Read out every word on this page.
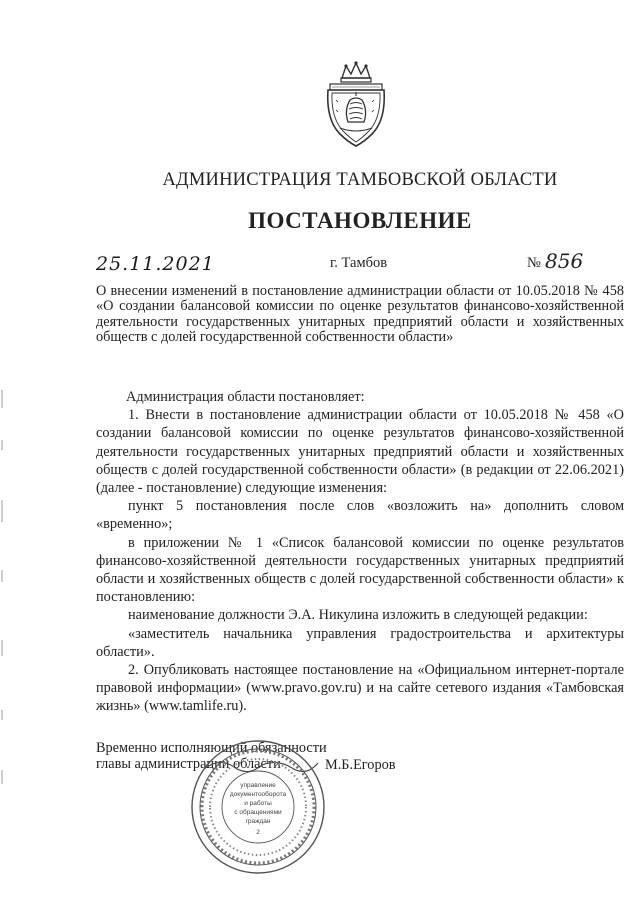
АДМИНИСТРАЦИЯ ТАМБОВСКОЙ ОБЛАСТИ
ПОСТАНОВЛЕНИЕ
25.11.2021	г. Тамбов	№ 856
О внесении изменений в постановление администрации области от 10.05.2018 № 458 «О создании балансовой комиссии по оценке результатов финансово-хозяйственной деятельности государственных унитарных предприятий области и хозяйственных обществ с долей государственной собственности области»

Администрация области постановляет:

1. Внести в постановление администрации области от 10.05.2018 № 458 «О создании балансовой комиссии по оценке результатов финансово-хозяйственной деятельности государственных унитарных предприятий области и хозяйственных обществ с долей государственной собственности области» (в редакции от 22.06.2021) (далее - постановление) следующие изменения:

пункт 5 постановления после слов «возложить на» дополнить словом «временно»;

в приложении № 1 «Список балансовой комиссии по оценке результатов финансово-хозяйственной деятельности государственных унитарных предприятий области и хозяйственных обществ с долей государственной собственности области» к постановлению:

наименование должности Э.А. Никулина изложить в следующей редакции:

«заместитель начальника управления градостроительства и архитектуры области».

2. Опубликовать настоящее постановление на «Официальном интернет-портале правовой информации» (www.pravo.gov.ru) и на сайте сетевого издания «Тамбовская жизнь» (www.tamlife.ru).

Временно исполняющий обязанности
главы администрации области	М.Б.Егоров
управление
документооборота
и работы
с обращениями
граждан
2
